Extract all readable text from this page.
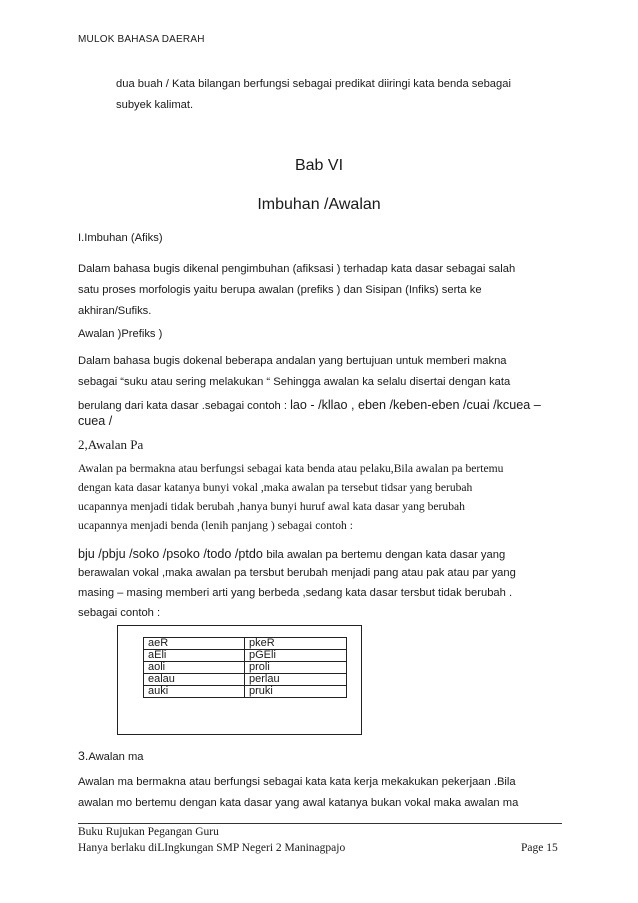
MULOK BAHASA DAERAH
dua buah / Kata bilangan berfungsi sebagai predikat diiringi kata benda sebagai
subyek kalimat.
Bab VI
Imbuhan /Awalan
I.Imbuhan (Afiks)
Dalam bahasa bugis dikenal pengimbuhan (afiksasi ) terhadap kata dasar sebagai salah
satu proses morfologis yaitu berupa awalan (prefiks ) dan Sisipan (Infiks) serta ke
akhiran/Sufiks.
Awalan )Prefiks )
Dalam bahasa bugis dokenal beberapa andalan yang bertujuan untuk memberi makna
sebagai “suku atau sering melakukan “ Sehingga awalan ka selalu disertai dengan kata
berulang dari kata dasar .sebagai contoh : lao - /kllao , eben /keben-eben /cuai /kcuea –
cuea /
2,Awalan Pa
Awalan pa bermakna atau berfungsi sebagai kata benda atau pelaku,Bila awalan pa bertemu
dengan kata dasar katanya bunyi vokal ,maka awalan pa tersebut tidsar yang berubah
ucapannya menjadi tidak berubah ,hanya bunyi huruf awal kata dasar yang berubah
ucapannya menjadi benda (lenih panjang ) sebagai contoh :
bju /pbju /soko /psoko /todo /ptdo bila awalan pa bertemu dengan kata dasar yang
berawalan vokal ,maka awalan pa tersbut berubah menjadi pang atau pak atau par yang
masing – masing memberi arti yang berbeda ,sedang kata dasar tersbut tidak berubah .
sebagai contoh :
aeR	pkeR
aEli	pGEli
aoli	proli
ealau	perlau
auki	pruki
3.Awalan ma
Awalan ma bermakna atau berfungsi sebagai kata kata kerja mekakukan pekerjaan .Bila
awalan mo bertemu dengan kata dasar yang awal katanya bukan vokal maka awalan ma
Buku Rujukan Pegangan Guru
Hanya berlaku diLIngkungan SMP Negeri 2 Maninagpajo	Page 15
